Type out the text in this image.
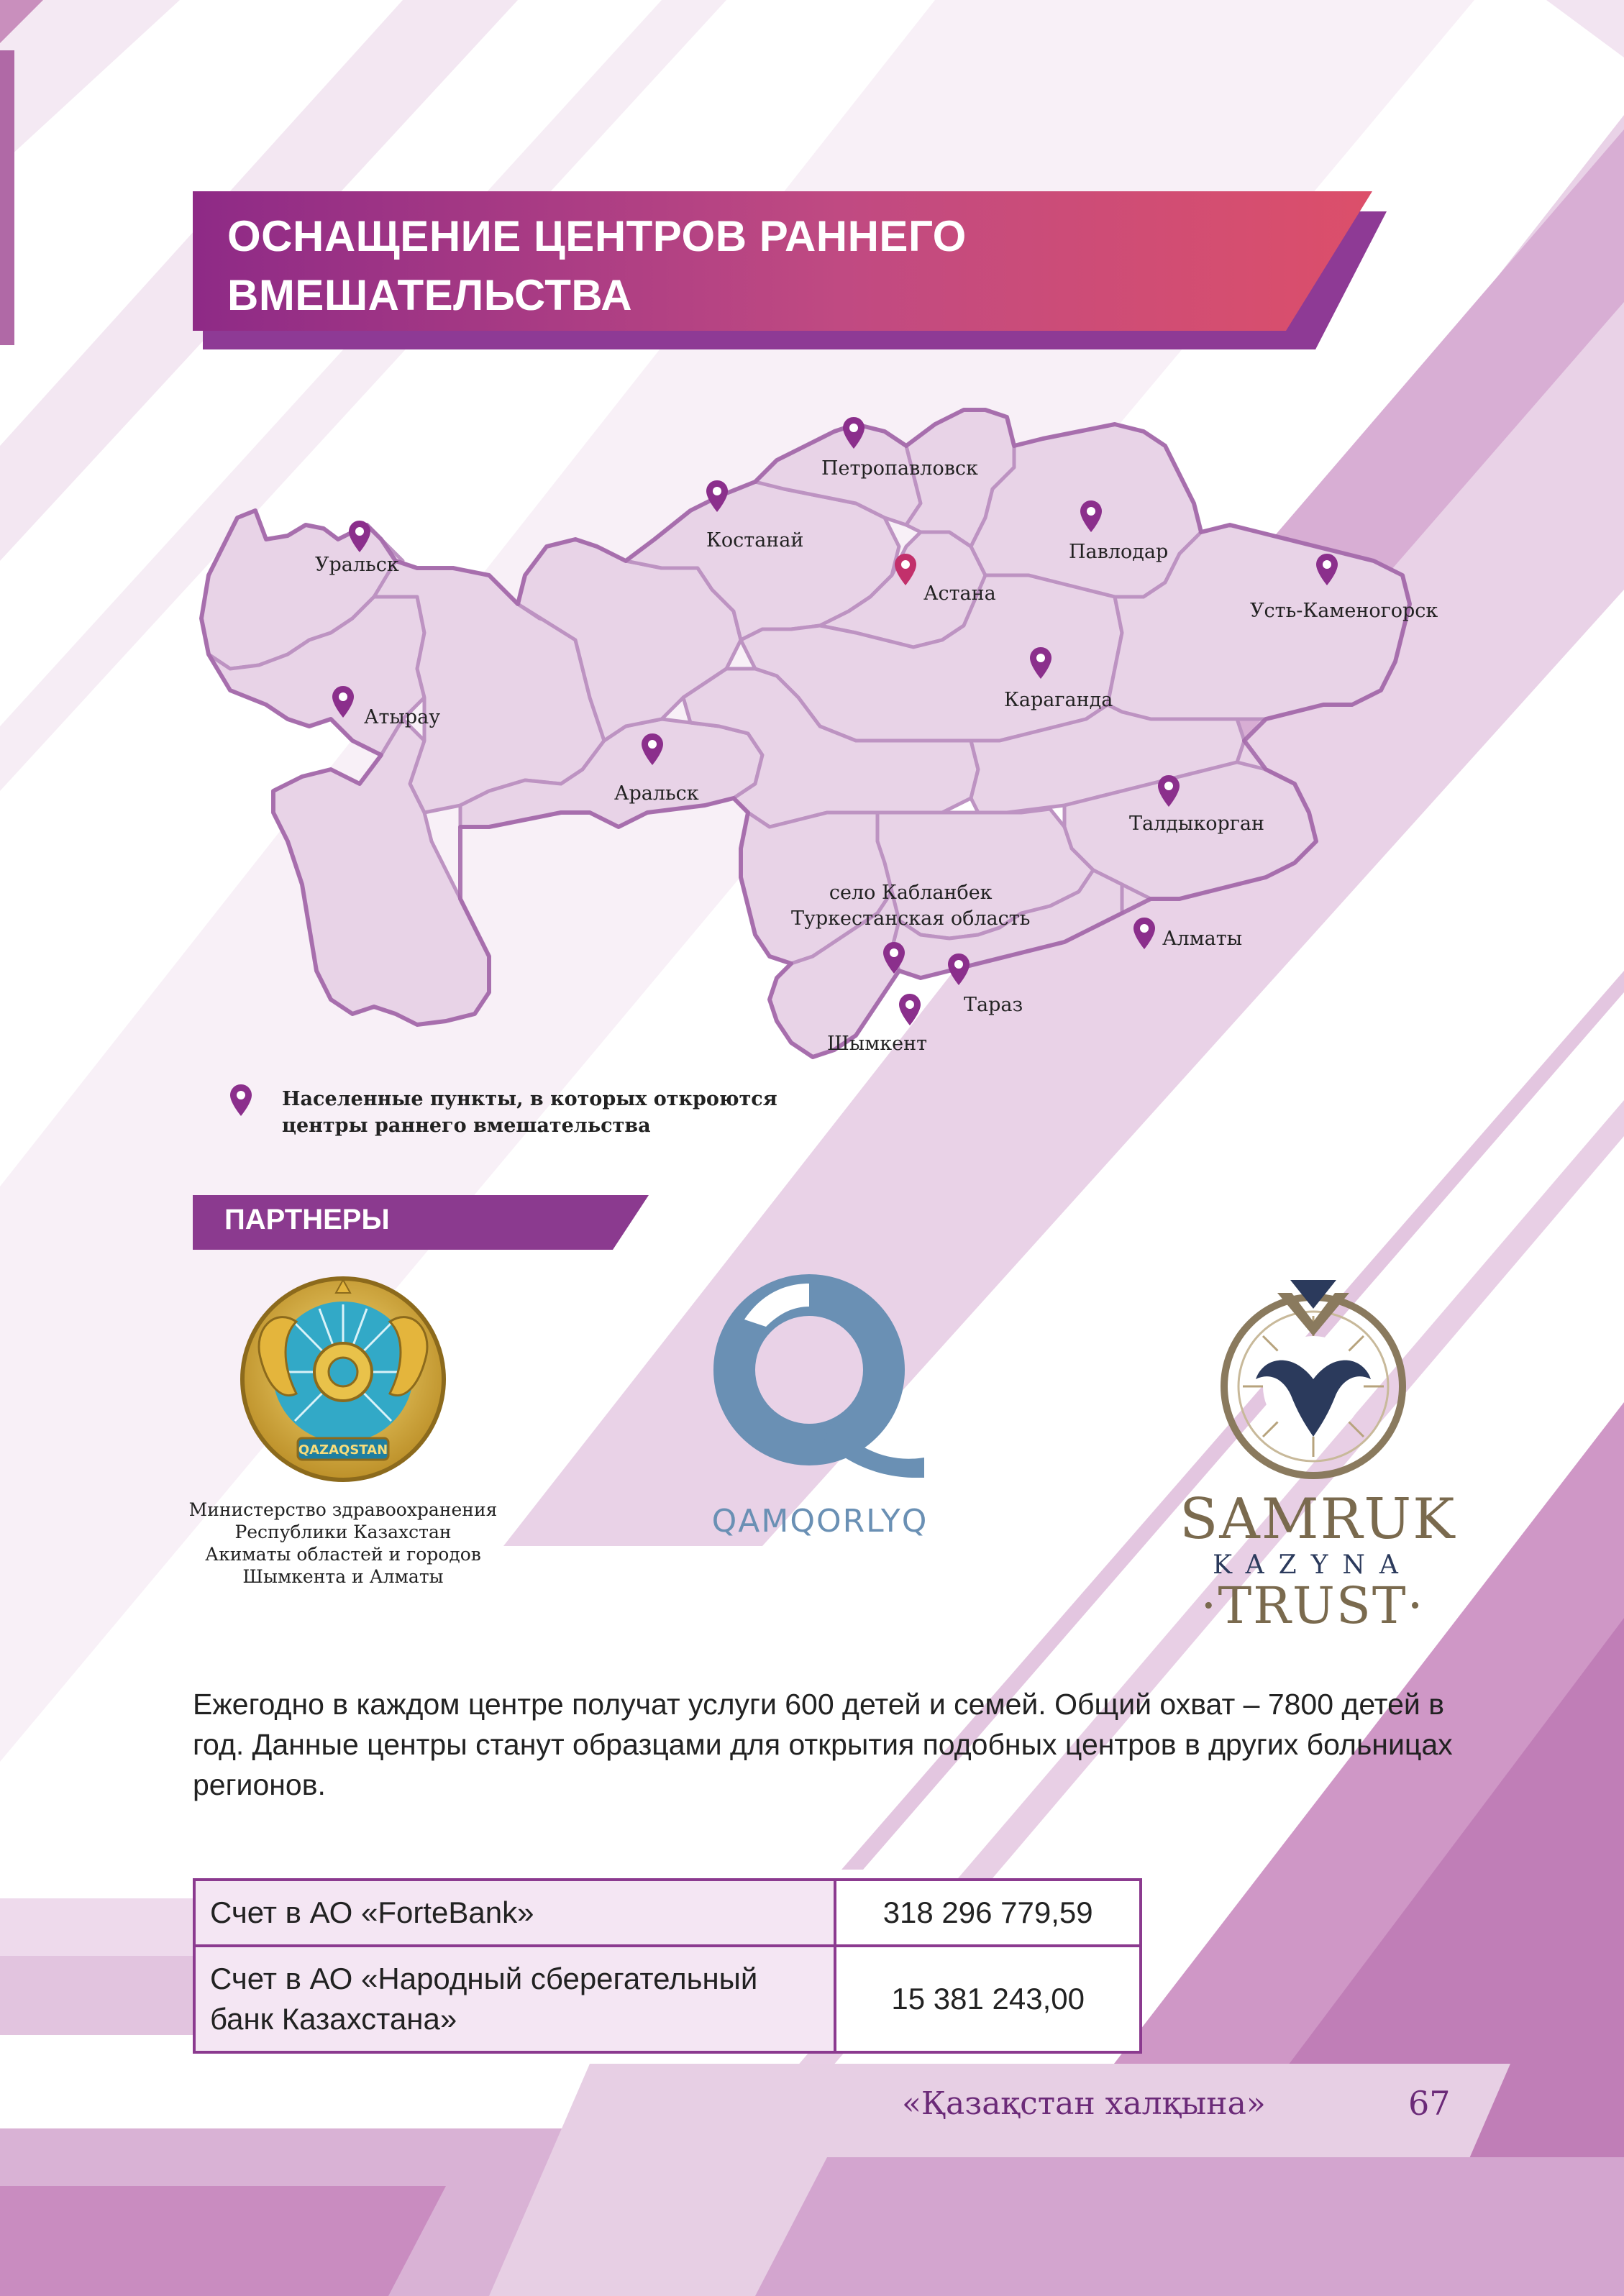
ОСНАЩЕНИЕ ЦЕНТРОВ РАННЕГО
ВМЕШАТЕЛЬСТВА
Уральск
Петропавловск
Костанай
Павлодар
Астана
Усть-Каменогорск
Атырау
Караганда
Аральск
Талдыкорган
село Кабланбек
Туркестанская область
Алматы
Тараз
Шымкент
Населенные пункты, в которых откроются
центры раннего вмешательства
ПАРТНЕРЫ
QAZAQSTAN
Министерство здравоохранения
Республики Казахстан
Акиматы областей и городов
Шымкента и Алматы
QAMQORLYQ	SAMRUK
KAZYNA
·TRUST·
Ежегодно в каждом центре получат услуги 600 детей и семей. Общий охват – 7800 детей в год. Данные центры станут образцами для открытия подобных центров в других больницах регионов.
Счет в АО «ForteBank»	318 296 779,59
Счет в АО «Народный сберегательный банк Казахстана»	15 381 243,00
«Қазақстан халқына»	67
